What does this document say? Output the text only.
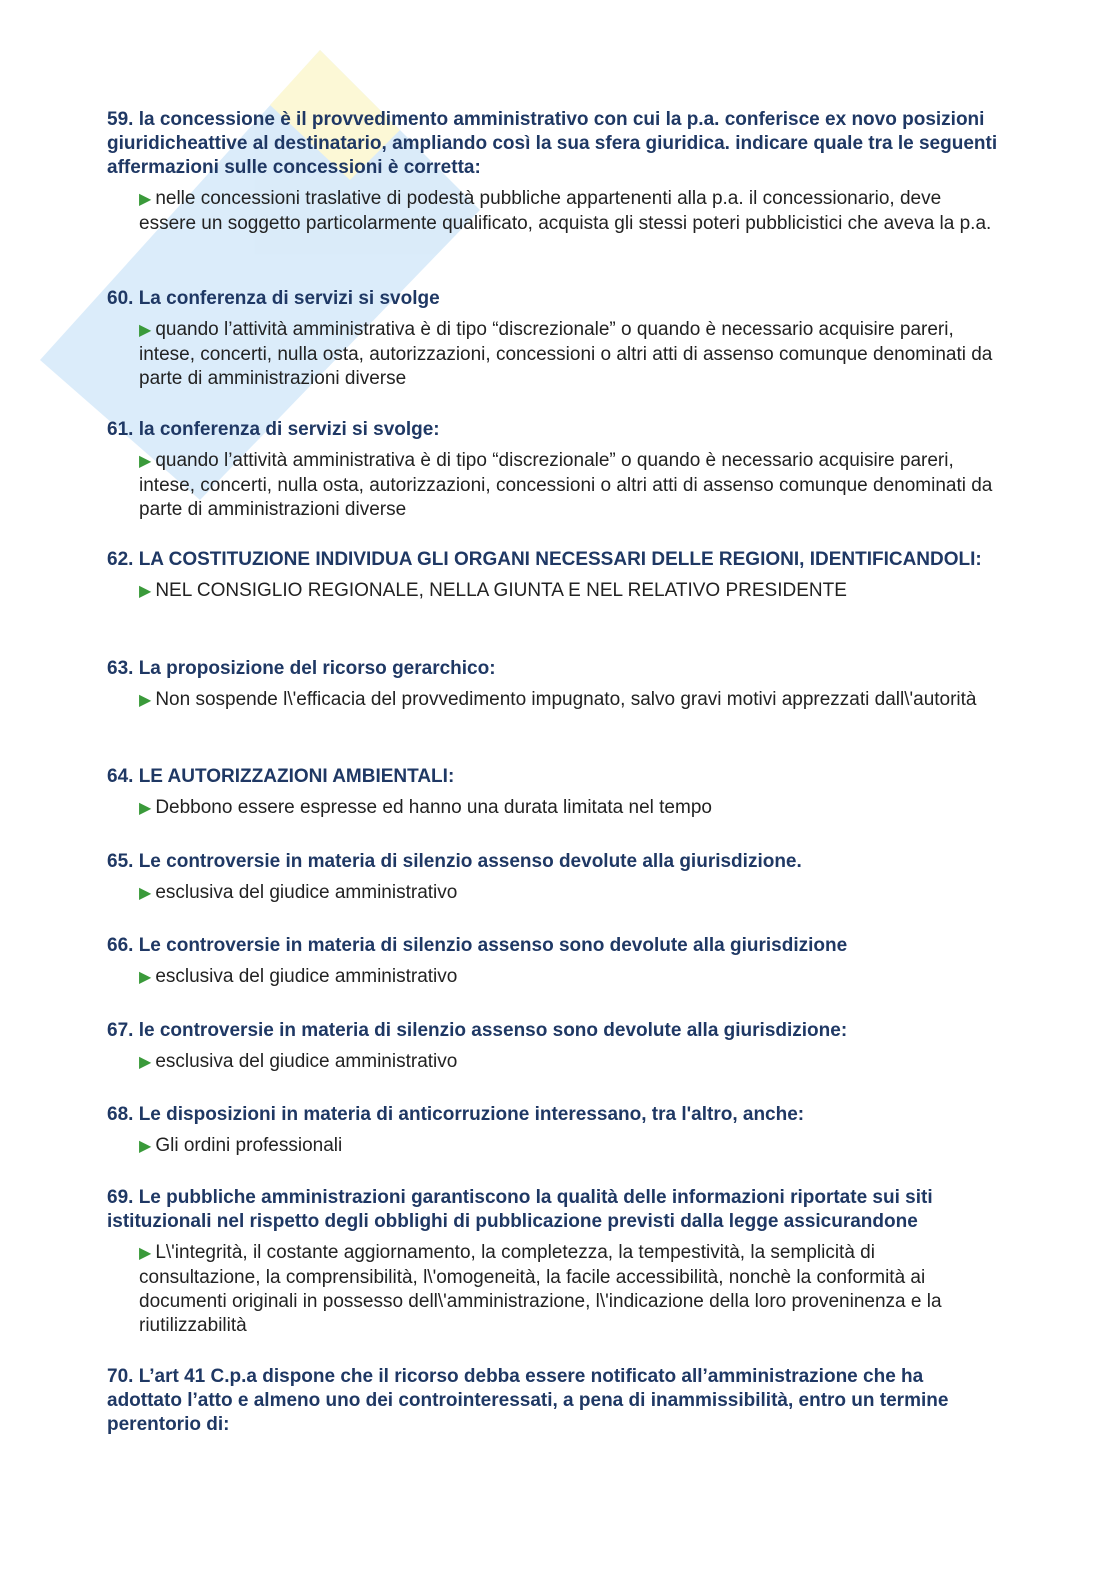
59. la concessione è il provvedimento amministrativo con cui la p.a. conferisce ex novo posizioni giuridicheattive al destinatario, ampliando così la sua sfera giuridica. indicare quale tra le seguenti affermazioni sulle concessioni è corretta:

▶ nelle concessioni traslative di podestà pubbliche appartenenti alla p.a. il concessionario, deve essere un soggetto particolarmente qualificato, acquista gli stessi poteri pubblicistici che aveva la p.a.

60. La conferenza di servizi si svolge

▶ quando l’attività amministrativa è di tipo “discrezionale” o quando è necessario acquisire pareri, intese, concerti, nulla osta, autorizzazioni, concessioni o altri atti di assenso comunque denominati da parte di amministrazioni diverse

61. la conferenza di servizi si svolge:

▶ quando l’attività amministrativa è di tipo “discrezionale” o quando è necessario acquisire pareri, intese, concerti, nulla osta, autorizzazioni, concessioni o altri atti di assenso comunque denominati da parte di amministrazioni diverse

62. LA COSTITUZIONE INDIVIDUA GLI ORGANI NECESSARI DELLE REGIONI, IDENTIFICANDOLI:

▶ NEL CONSIGLIO REGIONALE, NELLA GIUNTA E NEL RELATIVO PRESIDENTE

63. La proposizione del ricorso gerarchico:

▶ Non sospende l\'efficacia del provvedimento impugnato, salvo gravi motivi apprezzati dall\'autorità

64. LE AUTORIZZAZIONI AMBIENTALI:

▶ Debbono essere espresse ed hanno una durata limitata nel tempo

65. Le controversie in materia di silenzio assenso devolute alla giurisdizione.

▶ esclusiva del giudice amministrativo

66. Le controversie in materia di silenzio assenso sono devolute alla giurisdizione

▶ esclusiva del giudice amministrativo

67. le controversie in materia di silenzio assenso sono devolute alla giurisdizione:

▶ esclusiva del giudice amministrativo

68. Le disposizioni in materia di anticorruzione interessano, tra l'altro, anche:

▶ Gli ordini professionali

69. Le pubbliche amministrazioni garantiscono la qualità delle informazioni riportate sui siti istituzionali nel rispetto degli obblighi di pubblicazione previsti dalla legge assicurandone

▶ L\'integrità, il costante aggiornamento, la completezza, la tempestività, la semplicità di consultazione, la comprensibilità, l\'omogeneità, la facile accessibilità, nonchè la conformità ai documenti originali in possesso dell\'amministrazione, l\'indicazione della loro proveninenza e la riutilizzabilità

70. L’art 41 C.p.a dispone che il ricorso debba essere notificato all’amministrazione che ha adottato l’atto e almeno uno dei controinteressati, a pena di inammissibilità, entro un termine perentorio di:
